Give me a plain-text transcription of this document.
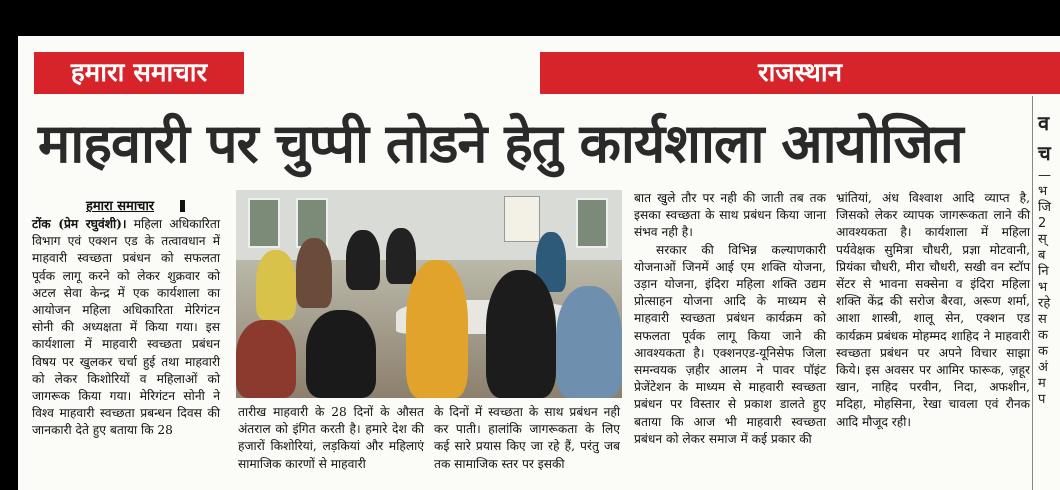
हमारा समाचार	राजस्थान
माहवारी पर चुप्पी तोडने हेतु कार्यशाला आयोजित
हमारा समाचार

टोंक (प्रेम रघुवंशी)। महिला अधिकारिता विभाग एवं एक्शन एड के तत्वावधान में माहवारी स्वच्छता प्रबंधन को सफलता पूर्वक लागू करने को लेकर शुक्रवार को अटल सेवा केन्द्र में एक कार्यशाला का आयोजन महिला अधिकारिता मेरिगंटन सोनी की अध्यक्षता में किया गया। इस कार्यशाला में माहवारी स्वच्छता प्रबंधन विषय पर खुलकर चर्चा हुई तथा माहवारी को लेकर किशोरियों व महिलाओं को जागरूक किया गया। मेरिगंटन सोनी ने विश्व माहवारी स्वच्छता प्रबन्धन दिवस की जानकारी देते हुए बताया कि 28

तारीख माहवारी के 28 दिनों के औसत अंतराल को इंगित करती है। हमारे देश की हजारों किशोरियां, लड़कियां और महिलाएं सामाजिक कारणों से माहवारी
के दिनों में स्वच्छता के साथ प्रबंधन नही कर पाती। हालांकि जागरूकता के लिए कई सारे प्रयास किए जा रहे हैं, परंतु जब तक सामाजिक स्तर पर इसकी

बात खुले तौर पर नही की जाती तब तक इसका स्वच्छता के साथ प्रबंधन किया जाना संभव नही है।

सरकार की विभिन्न कल्याणकारी योजनाओं जिनमें आई एम शक्ति योजना, उड़ान योजना, इंदिरा महिला शक्ति उद्यम प्रोत्साहन योजना आदि के माध्यम से माहवारी स्वच्छता प्रबंधन कार्यक्रम को सफलता पूर्वक लागू किया जाने की आवश्यकता है। एक्शनएड-यूनिसेफ जिला समन्वयक ज़हीर आलम ने पावर पॉइंट प्रेजेंटेशन के माध्यम से माहवारी स्वच्छता प्रबंधन पर विस्तार से प्रकाश डालते हुए बताया कि आज भी माहवारी स्वच्छता प्रबंधन को लेकर समाज में कई प्रकार की

भ्रांतियां, अंध विश्वाश आदि व्याप्त है, जिसको लेकर व्यापक जागरूकता लाने की आवश्यकता है। कार्यशाला में महिला पर्यवेक्षक सुमित्रा चौधरी, प्रज्ञा मोटवानी, प्रियंका चौधरी, मीरा चौधरी, सखी वन स्टॉप सेंटर से भावना सक्सेना व इंदिरा महिला शक्ति केंद्र की सरोज बैरवा, अरूण शर्मा, आशा शास्त्री, शालू सेन, एक्शन एड कार्यक्रम प्रबंधक मोहम्मद शाहिद ने माहवारी स्वच्छता प्रबंधन पर अपने विचार साझा किये। इस अवसर पर आमिर फारूक, ज़हूर खान, नाहिद परवीन, निदा, अफशीन, मदिहा, मोहसिना, रेखा चावला एवं रौनक आदि मौजूद रही।
व
च
—
भ
जि
2
स्
ब
नि
भ
रहे
स
क
क
अं
म
प
